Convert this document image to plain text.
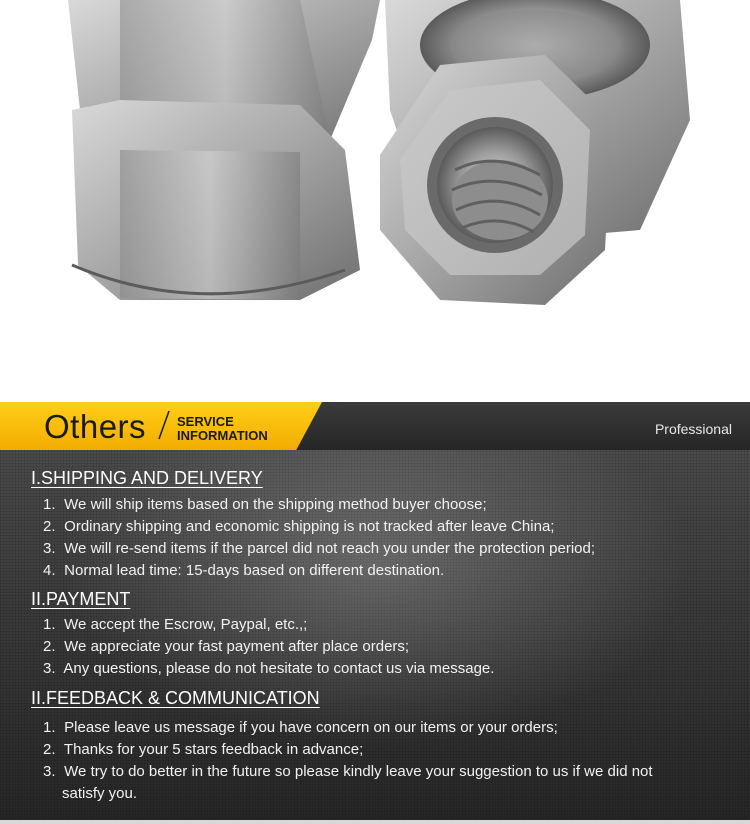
Others SERVICE
INFORMATION	Professional
I.SHIPPING AND DELIVERY
1. We will ship items based on the shipping method buyer choose;
2. Ordinary shipping and economic shipping is not tracked after leave China;
3. We will re-send items if the parcel did not reach you under the protection period;
4. Normal lead time: 15-days based on different destination.
II.PAYMENT
1. We accept the Escrow, Paypal, etc.,;
2. We appreciate your fast payment after place orders;
3. Any questions, please do not hesitate to contact us via message.
II.FEEDBACK & COMMUNICATION
1. Please leave us message if you have concern on our items or your orders;
2. Thanks for your 5 stars feedback in advance;
3. We try to do better in the future so please kindly leave your suggestion to us if we did not
satisfy you.
